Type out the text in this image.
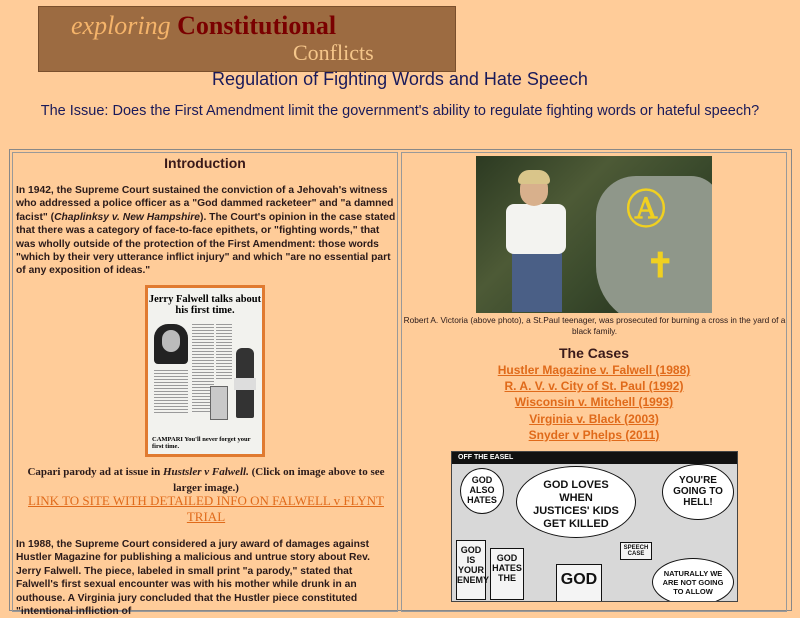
exploring Constitutional
Conflicts
Regulation of Fighting Words and Hate Speech
The Issue: Does the First Amendment limit the government's ability to regulate fighting words or hateful speech?
Introduction
In 1942, the Supreme Court sustained the conviction of a Jehovah's witness who addressed a police officer as a "God dammed racketeer" and "a damned facist" (Chaplinksy v. New Hampshire). The Court's opinion in the case stated that there was a category of face-to-face epithets, or "fighting words," that was wholly outside of the protection of the First Amendment: those words "which by their very utterance inflict injury" and which "are no essential part of any exposition of ideas."
Jerry Falwell talks about his first time.
CAMPARI You'll never forget your first time.
Capari parody ad at issue in Hustsler v Falwell. (Click on image above to see larger image.)
LINK TO SITE WITH DETAILED INFO ON FALWELL v FLYNT TRIAL
In 1988, the Supreme Court considered a jury award of damages against Hustler Magazine for publishing a malicious and untrue story about Rev. Jerry Falwell. The piece, labeled in small print "a parody," stated that Falwell's first sexual encounter was with his mother while drunk in an outhouse. A Virginia jury concluded that the Hustler piece constituted "intentional infliction of
Ⓐ
✝
Robert A. Victoria (above photo), a St.Paul teenager, was prosecuted for burning a cross in the yard of a black family.
The Cases
Hustler Magazine v. Falwell (1988)
R. A. V. v. City of St. Paul (1992)
Wisconsin v. Mitchell (1993)
Virginia v. Black (2003)
Snyder v Phelps (2011)
OFF THE EASEL
GOD ALSO HATES
GOD LOVES WHEN JUSTICES' KIDS GET KILLED
YOU'RE GOING TO HELL!
GOD IS YOUR ENEMY
GOD HATES THE	GOD
SPEECH CASE
NATURALLY WE ARE NOT GOING TO ALLOW
